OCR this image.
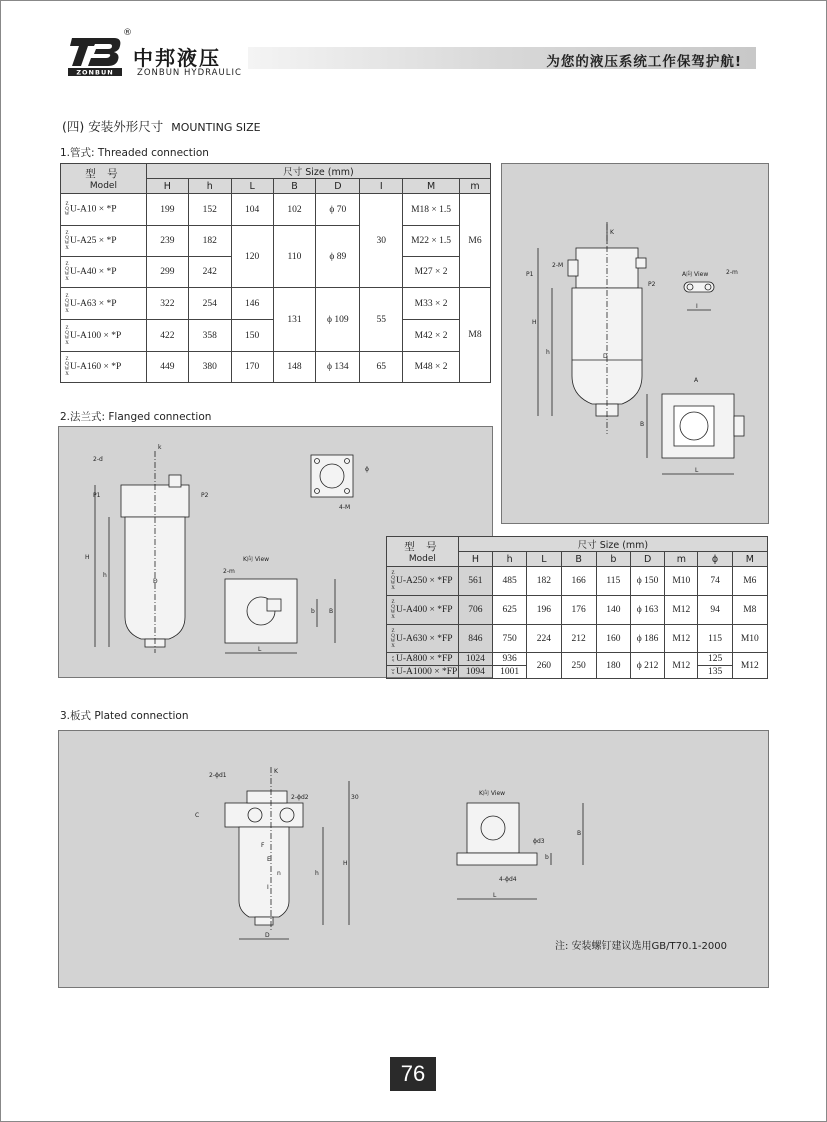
ZONBUN
®
中邦液压
ZONBUN HYDRAULIC
为您的液压系统工作保驾护航!
(四) 安装外形尺寸 MOUNTING SIZE
1.管式: Threaded connection
型 号
Model	尺寸 Size (mm)							
	H	h	L	B	D	I	M	m
Z
Q
WU-A10 × *P	199	152	104	102	ϕ 70	30	M18 × 1.5	M6
Z
Q
W
XU-A25 × *P	239	182	120	110	ϕ 89		M22 × 1.5	
Z
Q
W
XU-A40 × *P	299	242					M27 × 2	
Z
Q
W
XU-A63 × *P	322	254	146	131	ϕ 109	55	M33 × 2	M8
Z
Q
W
XU-A100 × *P	422	358	150				M42 × 2	
Z
Q
W
XU-A160 × *P	449	380	170	148	ϕ 134	65	M48 × 2	
K
P1
P2
2-M
H
h
D
A向 View	2-m
I
A
B
L
2.法兰式: Flanged connection
k
2-d
P1	P2
H
h
D
ϕ
4-M
K向 View
2-m
b B
L
型 号
Model	尺寸 Size (mm)								
	H	h	L	B	b	D	m	ϕ	M
Z
Q
W
XU-A250 × *FP	561	485	182	166	115	ϕ 150	M10	74	M6
Z
Q
W
XU-A400 × *FP	706	625	196	176	140	ϕ 163	M12	94	M8
Z
Q
W
XU-A630 × *FP	846	750	224	212	160	ϕ 186	M12	115	M10
Z
Q U-A800 × *FP	1024	936	260	250	180	ϕ 212	M12	125	M12
W
X U-A1000 × *FP	1094	1001						135	
3.板式 Plated connection
K
2-ϕd1
2-ϕd2
C
F
E
n
I
D
h
H
30
K向 View
ϕd3
4-ϕd4
b
B
L
注: 安装螺钉建议选用GB/T70.1-2000
76
